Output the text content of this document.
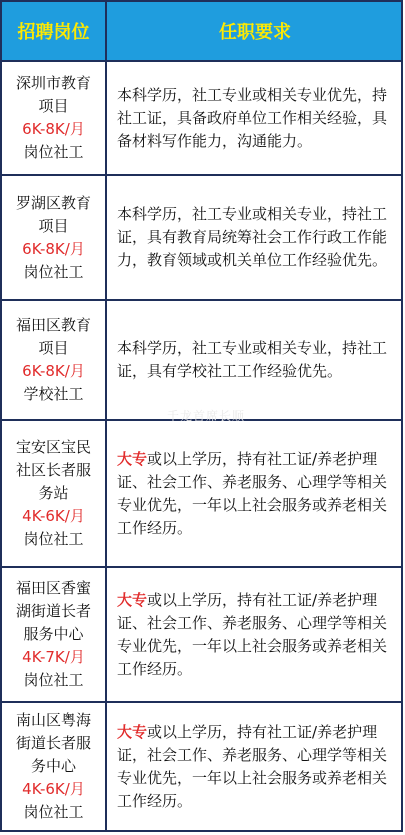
招聘岗位	任职要求
深圳市教育
项目
6K-8K/月
岗位社工
本科学历，社工专业或相关专业优先，持社工证，具备政府单位工作相关经验，具备材料写作能力，沟通能力。
罗湖区教育
项目
6K-8K/月
岗位社工
本科学历，社工专业或相关专业，持社工证，具有教育局统筹社会工作行政工作能力，教育领域或机关单位工作经验优先。
福田区教育
项目
6K-8K/月
学校社工
本科学历，社工专业或相关专业，持社工证，具有学校社工工作经验优先。
宝安区宝民
社区长者服
务站
4K-6K/月
岗位社工
大专或以上学历，持有社工证/养老护理证、社会工作、养老服务、心理学等相关专业优先，一年以上社会服务或养老相关工作经历。
福田区香蜜
湖街道长者
服务中心
4K-7K/月
岗位社工
大专或以上学历，持有社工证/养老护理证、社会工作、养老服务、心理学等相关专业优先，一年以上社会服务或养老相关工作经历。
南山区粤海
街道长者服
务中心
4K-6K/月
岗位社工
大专或以上学历，持有社工证/养老护理证，社会工作、养老服务、心理学等相关专业优先，一年以上社会服务或养老相关工作经历。
千龙首席长顺
